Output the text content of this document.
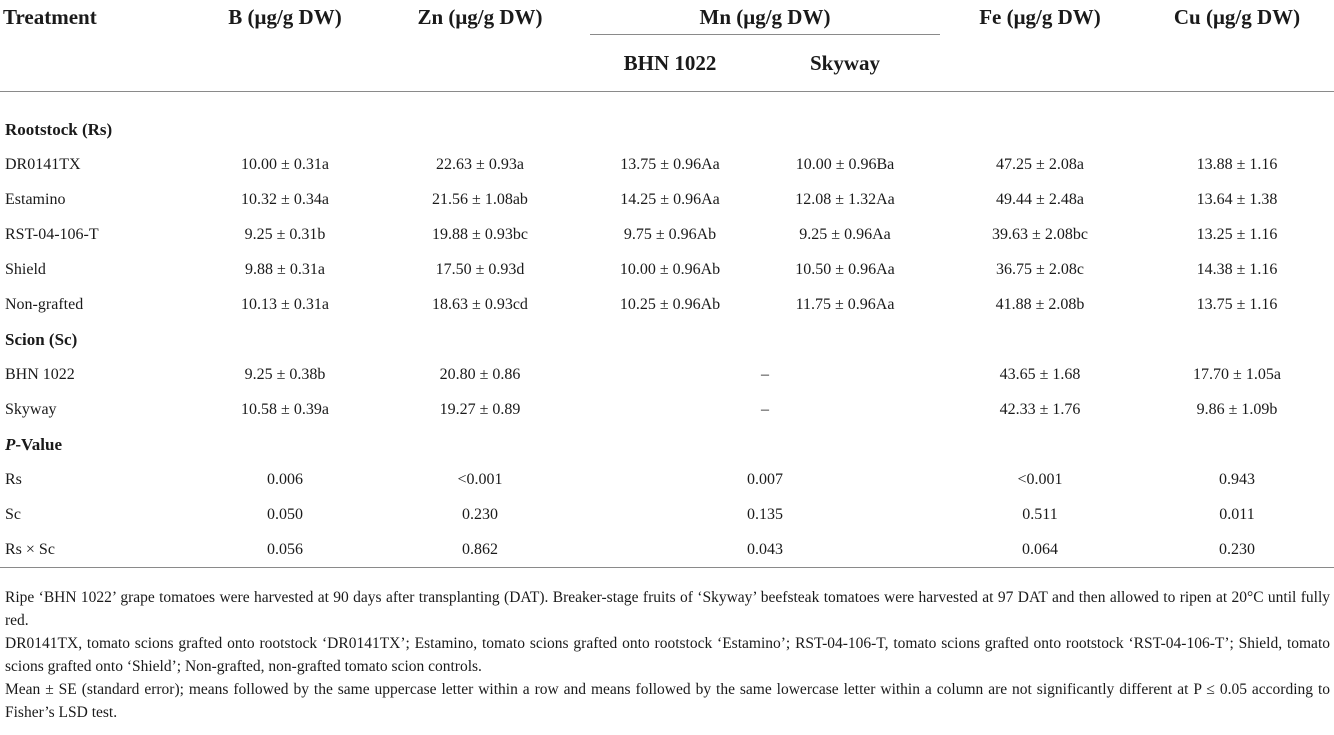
Treatment	B (μg/g DW)	Zn (μg/g DW)	Mn (μg/g DW)		Fe (μg/g DW)	Cu (μg/g DW)
			BHN 1022	Skyway		

Rootstock (Rs)						
DR0141TX	10.00 ± 0.31a	22.63 ± 0.93a	13.75 ± 0.96Aa	10.00 ± 0.96Ba	47.25 ± 2.08a	13.88 ± 1.16
Estamino	10.32 ± 0.34a	21.56 ± 1.08ab	14.25 ± 0.96Aa	12.08 ± 1.32Aa	49.44 ± 2.48a	13.64 ± 1.38
RST-04-106-T	9.25 ± 0.31b	19.88 ± 0.93bc	9.75 ± 0.96Ab	9.25 ± 0.96Aa	39.63 ± 2.08bc	13.25 ± 1.16
Shield	9.88 ± 0.31a	17.50 ± 0.93d	10.00 ± 0.96Ab	10.50 ± 0.96Aa	36.75 ± 2.08c	14.38 ± 1.16
Non-grafted	10.13 ± 0.31a	18.63 ± 0.93cd	10.25 ± 0.96Ab	11.75 ± 0.96Aa	41.88 ± 2.08b	13.75 ± 1.16
Scion (Sc)						
BHN 1022	9.25 ± 0.38b	20.80 ± 0.86	–		43.65 ± 1.68	17.70 ± 1.05a
Skyway	10.58 ± 0.39a	19.27 ± 0.89	–		42.33 ± 1.76	9.86 ± 1.09b
P-Value						
Rs	0.006	<0.001	0.007		<0.001	0.943
Sc	0.050	0.230	0.135		0.511	0.011
Rs × Sc	0.056	0.862	0.043		0.064	0.230

Ripe ‘BHN 1022’ grape tomatoes were harvested at 90 days after transplanting (DAT). Breaker-stage fruits of ‘Skyway’ beefsteak tomatoes were harvested at 97 DAT and then allowed to ripen at 20°C until fully red.

DR0141TX, tomato scions grafted onto rootstock ‘DR0141TX’; Estamino, tomato scions grafted onto rootstock ‘Estamino’; RST-04-106-T, tomato scions grafted onto rootstock ‘RST-04-106-T’; Shield, tomato scions grafted onto ‘Shield’; Non-grafted, non-grafted tomato scion controls.

Mean ± SE (standard error); means followed by the same uppercase letter within a row and means followed by the same lowercase letter within a column are not significantly different at P ≤ 0.05 according to Fisher’s LSD test.
